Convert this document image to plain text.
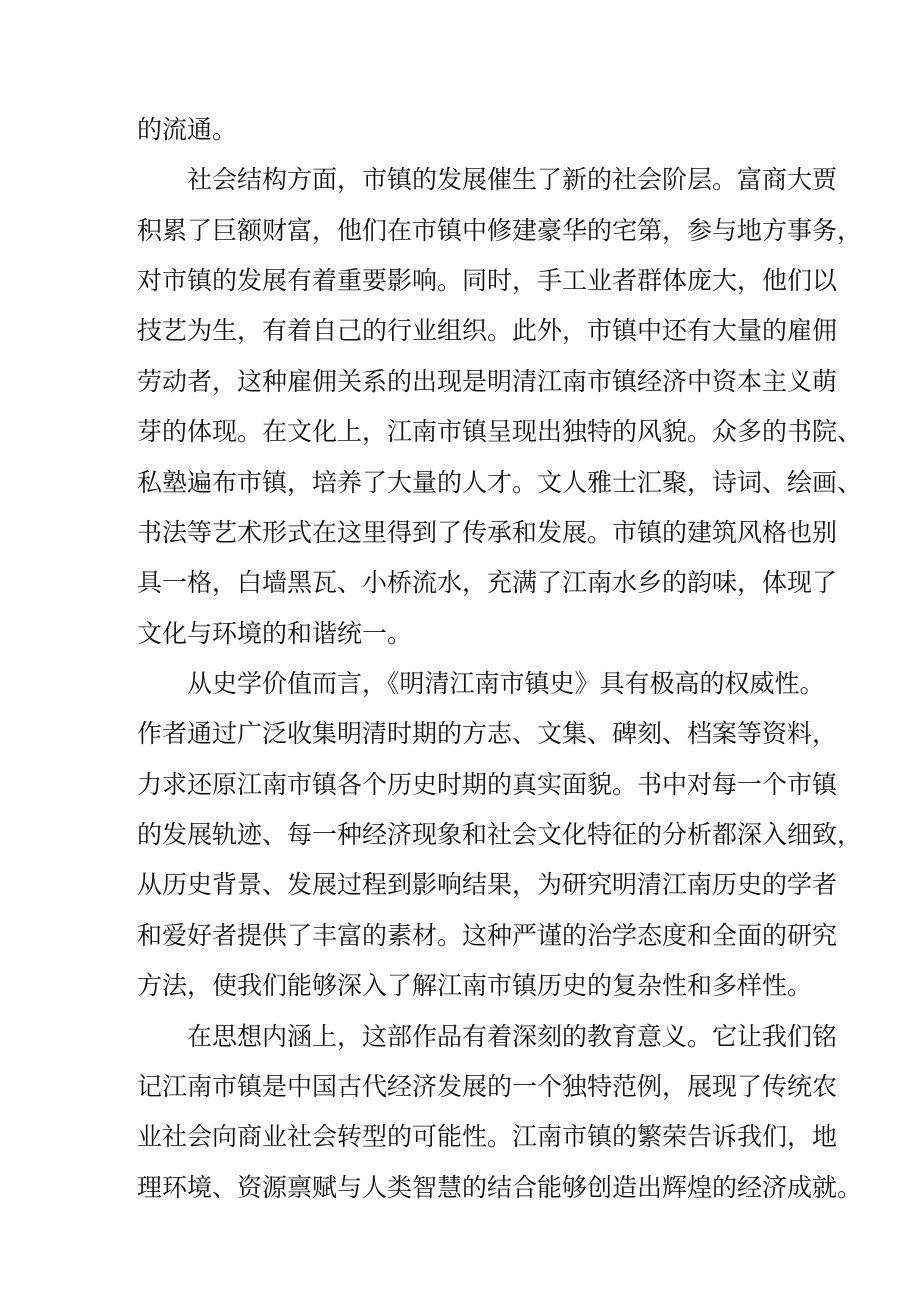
的流通。
社会结构方面，市镇的发展催生了新的社会阶层。富商大贾
积累了巨额财富，他们在市镇中修建豪华的宅第，参与地方事务，
对市镇的发展有着重要影响。同时，手工业者群体庞大，他们以
技艺为生，有着自己的行业组织。此外，市镇中还有大量的雇佣
劳动者，这种雇佣关系的出现是明清江南市镇经济中资本主义萌
芽的体现。在文化上，江南市镇呈现出独特的风貌。众多的书院、
私塾遍布市镇，培养了大量的人才。文人雅士汇聚，诗词、绘画、
书法等艺术形式在这里得到了传承和发展。市镇的建筑风格也别
具一格，白墙黑瓦、小桥流水，充满了江南水乡的韵味，体现了
文化与环境的和谐统一。
从史学价值而言，《明清江南市镇史》具有极高的权威性。
作者通过广泛收集明清时期的方志、文集、碑刻、档案等资料，
力求还原江南市镇各个历史时期的真实面貌。书中对每一个市镇
的发展轨迹、每一种经济现象和社会文化特征的分析都深入细致，
从历史背景、发展过程到影响结果，为研究明清江南历史的学者
和爱好者提供了丰富的素材。这种严谨的治学态度和全面的研究
方法，使我们能够深入了解江南市镇历史的复杂性和多样性。
在思想内涵上，这部作品有着深刻的教育意义。它让我们铭
记江南市镇是中国古代经济发展的一个独特范例，展现了传统农
业社会向商业社会转型的可能性。江南市镇的繁荣告诉我们，地
理环境、资源禀赋与人类智慧的结合能够创造出辉煌的经济成就。
